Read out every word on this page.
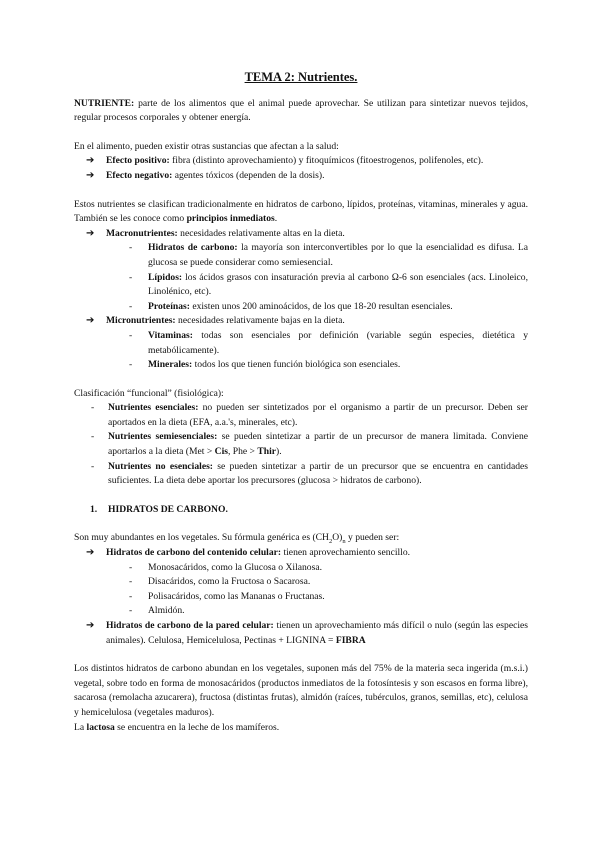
TEMA 2: Nutrientes.

NUTRIENTE: parte de los alimentos que el animal puede aprovechar. Se utilizan para sintetizar nuevos tejidos, regular procesos corporales y obtener energía.

En el alimento, pueden existir otras sustancias que afectan a la salud:

➔ Efecto positivo: fibra (distinto aprovechamiento) y fitoquímicos (fitoestrogenos, polifenoles, etc).
➔ Efecto negativo: agentes tóxicos (dependen de la dosis).

Estos nutrientes se clasifican tradicionalmente en hidratos de carbono, lípidos, proteínas, vitaminas, minerales y agua. También se les conoce como principios inmediatos.

➔ Macronutrientes: necesidades relativamente altas en la dieta.
- Hidratos de carbono: la mayoría son interconvertibles por lo que la esencialidad es difusa. La glucosa se puede considerar como semiesencial.
- Lípidos: los ácidos grasos con insaturación previa al carbono Ω-6 son esenciales (acs. Linoleico, Linolénico, etc).
- Proteínas: existen unos 200 aminoácidos, de los que 18-20 resultan esenciales.
➔ Micronutrientes: necesidades relativamente bajas en la dieta.
- Vitaminas: todas son esenciales por definición (variable según especies, dietética y metabólicamente).
- Minerales: todos los que tienen función biológica son esenciales.

Clasificación “funcional” (fisiológica):

- Nutrientes esenciales: no pueden ser sintetizados por el organismo a partir de un precursor. Deben ser aportados en la dieta (EFA, a.a.'s, minerales, etc).
- Nutrientes semiesenciales: se pueden sintetizar a partir de un precursor de manera limitada. Conviene aportarlos a la dieta (Met > Cis, Phe > Thir).
- Nutrientes no esenciales: se pueden sintetizar a partir de un precursor que se encuentra en cantidades suficientes. La dieta debe aportar los precursores (glucosa > hidratos de carbono).
1. HIDRATOS DE CARBONO.

Son muy abundantes en los vegetales. Su fórmula genérica es $(CH_2O)_n$ y pueden ser:

➔ Hidratos de carbono del contenido celular: tienen aprovechamiento sencillo.
- Monosacáridos, como la Glucosa o Xilanosa.
- Disacáridos, como la Fructosa o Sacarosa.
- Polisacáridos, como las Mananas o Fructanas.
- Almidón.
➔ Hidratos de carbono de la pared celular: tienen un aprovechamiento más difícil o nulo (según las especies animales). Celulosa, Hemicelulosa, Pectinas + LIGNINA = FIBRA

Los distintos hidratos de carbono abundan en los vegetales, suponen más del 75% de la materia seca ingerida (m.s.i.) vegetal, sobre todo en forma de monosacáridos (productos inmediatos de la fotosíntesis y son escasos en forma libre), sacarosa (remolacha azucarera), fructosa (distintas frutas), almidón (raíces, tubérculos, granos, semillas, etc), celulosa y hemicelulosa (vegetales maduros).

La lactosa se encuentra en la leche de los mamíferos.
